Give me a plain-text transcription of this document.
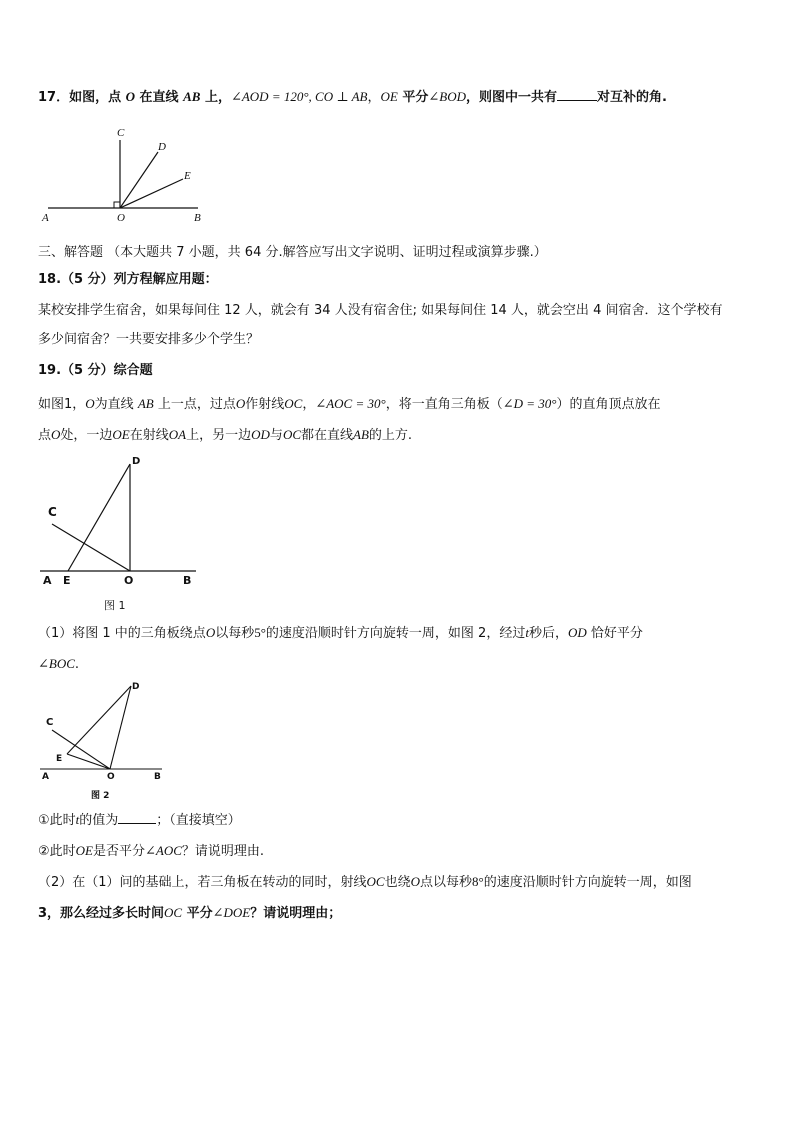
17．如图，点 O 在直线 AB 上，∠AOD = 120°, CO ⊥ AB，OE 平分∠BOD，则图中一共有	对互补的角.
A	O	B
C
D
E
三、解答题 （本大题共 7 小题，共 64 分.解答应写出文字说明、证明过程或演算步骤.）
18.（5 分）列方程解应用题：
某校安排学生宿舍，如果每间住 12 人，就会有 34 人没有宿舍住; 如果每间住 14 人，就会空出 4 间宿舍．这个学校有
多少间宿舍？一共要安排多少个学生？
19.（5 分）综合题
如图1，O为直线 AB 上一点，过点O作射线OC，∠AOC = 30°，将一直角三角板（∠D = 30°）的直角顶点放在
点O处，一边OE在射线OA上，另一边OD与OC都在直线AB的上方.
A E	O	B
C
D
图 1
（1）将图 1 中的三角板绕点O以每秒5°的速度沿顺时针方向旋转一周，如图 2，经过t秒后，OD 恰好平分
∠BOC.
A
E
O	B
C
D
图 2
①此时t的值为	；（直接填空）
②此时OE是否平分∠AOC？请说明理由.
（2）在（1）问的基础上，若三角板在转动的同时，射线OC也绕O点以每秒8°的速度沿顺时针方向旋转一周，如图
3，那么经过多长时间OC 平分∠DOE？请说明理由；
